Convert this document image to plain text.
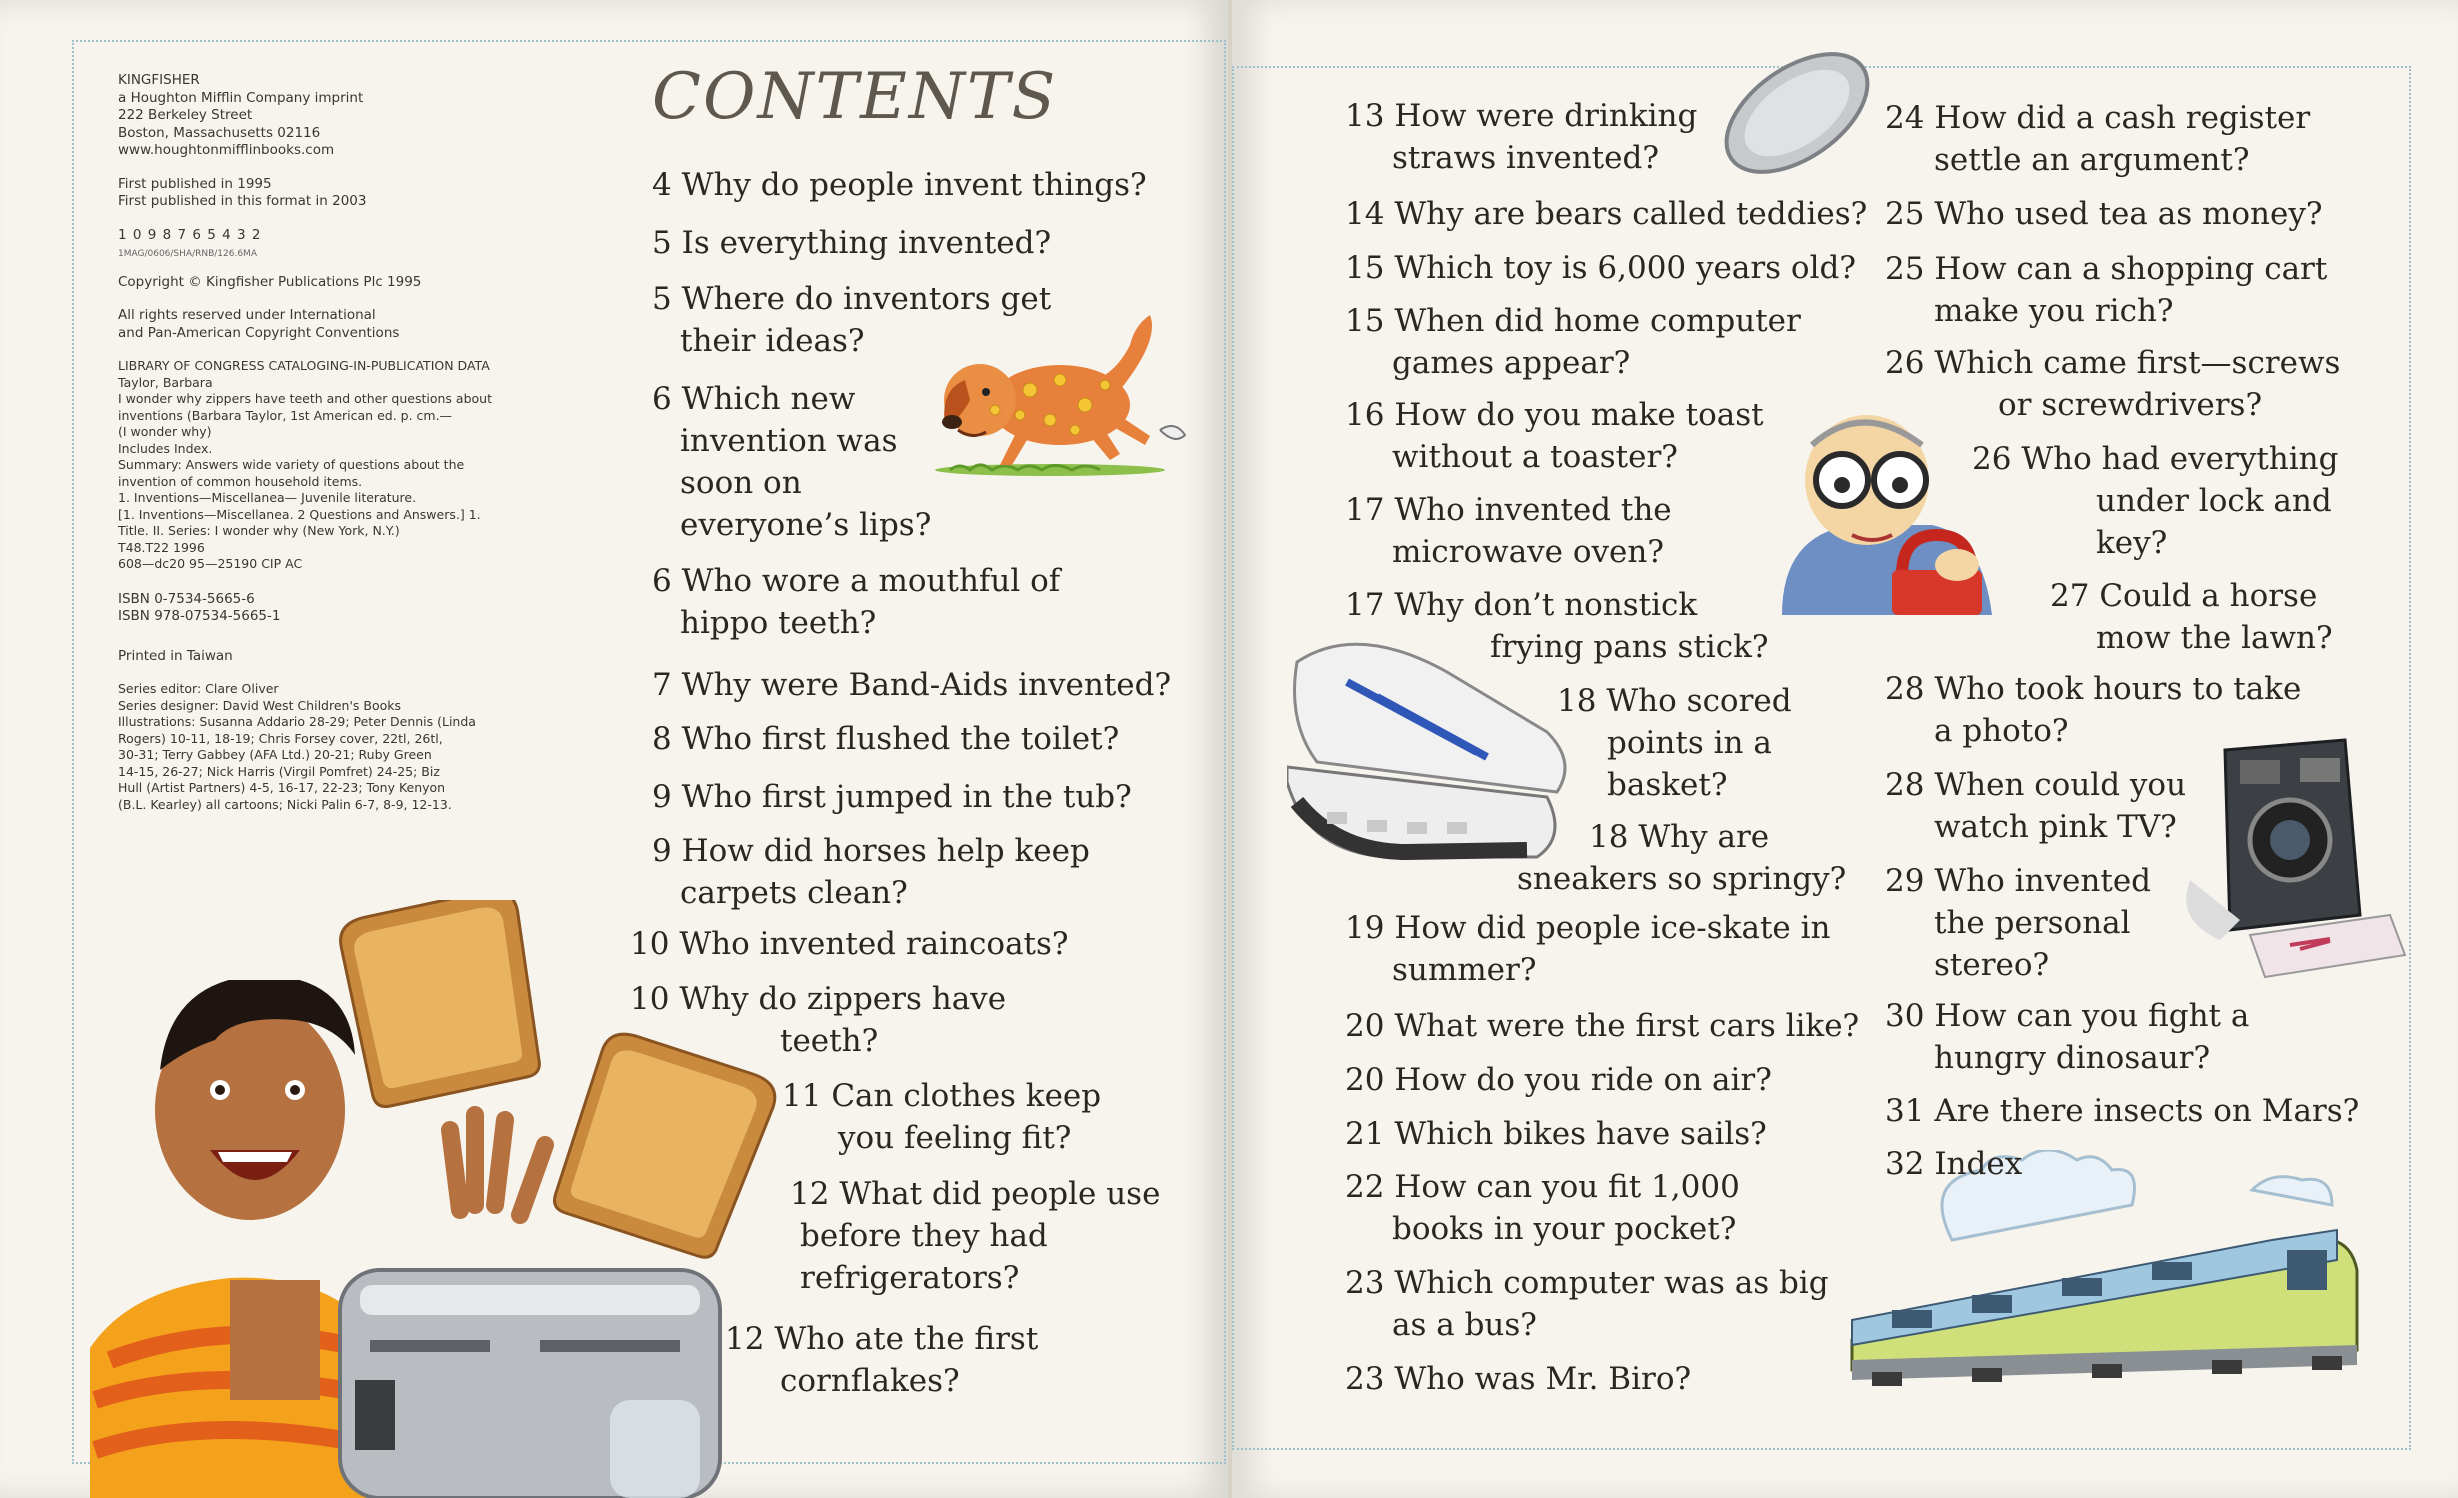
KINGFISHER
a Houghton Mifflin Company imprint
222 Berkeley Street
Boston, Massachusetts 02116
www.houghtonmifflinbooks.com

First published in 1995
First published in this format in 2003

1 0 9 8 7 6 5 4 3 2
1MAG/0606/SHA/RNB/126.6MA

Copyright © Kingfisher Publications Plc 1995

All rights reserved under International
and Pan-American Copyright Conventions

LIBRARY OF CONGRESS CATALOGING-IN-PUBLICATION DATA
Taylor, Barbara
I wonder why zippers have teeth and other questions about
inventions (Barbara Taylor, 1st American ed. p. cm.—
(I wonder why)
Includes Index.
Summary: Answers wide variety of questions about the
invention of common household items.
1. Inventions—Miscellanea— Juvenile literature.
[1. Inventions—Miscellanea. 2 Questions and Answers.] 1.
Title. II. Series: I wonder why (New York, N.Y.)
T48.T22 1996
608—dc20 95—25190 CIP AC

ISBN 0-7534-5665-6
ISBN 978-07534-5665-1

Printed in Taiwan

Series editor: Clare Oliver
Series designer: David West Children's Books
Illustrations: Susanna Addario 28-29; Peter Dennis (Linda
Rogers) 10-11, 18-19; Chris Forsey cover, 22tl, 26tl,
30-31; Terry Gabbey (AFA Ltd.) 20-21; Ruby Green
14-15, 26-27; Nick Harris (Virgil Pomfret) 24-25; Biz
Hull (Artist Partners) 4-5, 16-17, 22-23; Tony Kenyon
(B.L. Kearley) all cartoons; Nicki Palin 6-7, 8-9, 12-13.

CONTENTS
4 Why do people invent things?
5 Is everything invented?
5 Where do inventors get
their ideas?
6 Which new
invention was
soon on
everyone’s lips?
6 Who wore a mouthful of
hippo teeth?
7 Why were Band-Aids invented?
8 Who first flushed the toilet?
9 Who first jumped in the tub?
9 How did horses help keep
carpets clean?
10 Who invented raincoats?
10 Why do zippers have
teeth?
11 Can clothes keep
you feeling fit?
12 What did people use
before they had
refrigerators?
12 Who ate the first
cornflakes?
13 How were drinking
straws invented?
14 Why are bears called teddies?
15 Which toy is 6,000 years old?
15 When did home computer
games appear?
16 How do you make toast
without a toaster?
17 Who invented the
microwave oven?
17 Why don’t nonstick
frying pans stick?
18 Who scored
points in a
basket?
18 Why are
sneakers so springy?
19 How did people ice-skate in
summer?
20 What were the first cars like?
20 How do you ride on air?
21 Which bikes have sails?
22 How can you fit 1,000
books in your pocket?
23 Which computer was as big
as a bus?
23 Who was Mr. Biro?
24 How did a cash register
settle an argument?
25 Who used tea as money?
25 How can a shopping cart
make you rich?
26 Which came first—screws
or screwdrivers?
26 Who had everything
under lock and
key?
27 Could a horse
mow the lawn?
28 Who took hours to take
a photo?
28 When could you
watch pink TV?
29 Who invented
the personal
stereo?
30 How can you fight a
hungry dinosaur?
31 Are there insects on Mars?
32 Index
